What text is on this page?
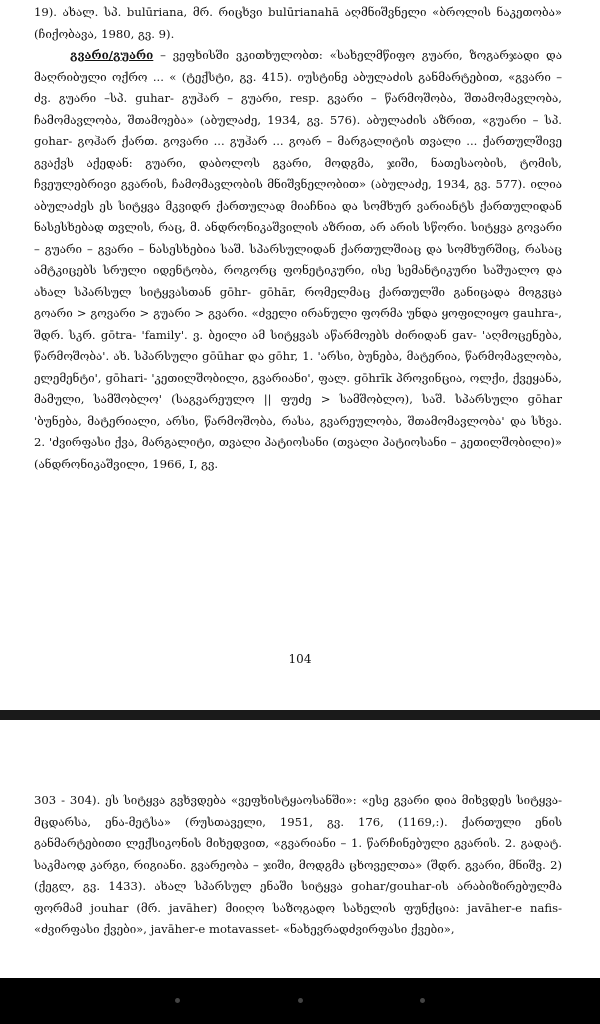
19). ახალ. სპ. bulūriana, მრ. რიცხვი bulūrianahā აღმნიშვნელი «ბროლის ნაკეთობა» (ჩიქობავა, 1980, გვ. 9).

გვარი/გუარი – ვეფხისში ვკითხულობთ: «სახელმწიფო გუარი, ზოგარჯადი და მაღრიბული ოქრო ... « (ტექსტი, გვ. 415). იუსტინე აბულაძის განმარტებით, «გვარი – ძვ. გუარი –სპ. guhar- გუჰარ – გუარი, resp. გვარი – წარმოშობა, შთამომავლობა, ჩამომავლობა, შთამოება» (აბულაძე, 1934, გვ. 576). აბულაძის აზრით, «გუარი – სპ. gohar- გოჰარ ქართ. გოვარი ... გუჰარ ... გოარ – მარგალიტის თვალი ... ქართულშივე გვაქვს აქედან: გუარი, დაბოლოს გვარი, მოდგმა, ჯიში, ნათესაობის, ტომის, ჩვეულებრივი გვარის, ჩამომავლობის მნიშვნელობით» (აბულაძე, 1934, გვ. 577). ილია აბულაძეს ეს სიტყვა მკვიდრ ქართულად მიაჩნია და სომხურ ვარიანტს ქართულიდან ნასესხებად თვლის, რაც, მ. ანდრონიკაშვილის აზრით, არ არის სწორი. სიტყვა გოვარი – გუარი – გვარი – ნასესხებია საშ. სპარსულიდან ქართულშიაც და სომხურშიც, რასაც ამტკიცებს სრული იდენტობა, როგორც ფონეტიკური, ისე სემანტიკური საშუალო და ახალ სპარსულ სიტყვასთან gōhr- gōhār, რომელმაც ქართულში განიცადა მოგვცა გოარი > გოვარი > გუარი > გვარი. «ძველი ირანული ფორმა უნდა ყოფილიყო gauhra-, შდრ. სკრ. gōtra- 'family'. ვ. ბეილი ამ სიტყვას აწარმოებს ძირიდან gav- 'აღმოცენება, წარმოშობა'. ახ. სპარსული gōūhar და gōhr, 1. 'არსი, ბუნება, მატერია, წარმომავლობა, ელემენტი', gōhari- 'კეთილშობილი, გვარიანი', ფალ. gōhrīk პროვინცია, ოლქი, ქვეყანა, მამული, სამშობლო' (საგვარეულო || ფუძე > სამშობლო), საშ. სპარსული gōhar 'ბუნება, მატერიალი, არსი, წარმოშობა, რასა, გვარეულობა, შთამომავლობა' და სხვა. 2. 'ძვირფასი ქვა, მარგალიტი, თვალი პატიოსანი (თვალი პატიოსანი – კეთილშობილი)» (ანდრონიკაშვილი, 1966, I, გვ.

104

303 - 304). ეს სიტყვა გვხვდება «ვეფხისტყაოსანში»: «ესე გვარი დია მიხვდეს სიტყვა-მცდარსა, ენა-მეტსა» (რუსთაველი, 1951, გვ. 176, (1169,:). ქართული ენის განმარტებითი ლექსიკონის მიხედვით, «გვარიანი – 1. წარჩინებული გვარის. 2. გადატ. საკმაოდ კარგი, რიგიანი. გვარეობა – ჯიში, მოდგმა ცხოველთა» (შდრ. გვარი, მნიშვ. 2) (ქეგლ, გვ. 1433). ახალ სპარსულ ენაში სიტყვა gohar/gouhar-ის არაბიზირებულმა ფორმამ jouhar (მრ. javāher) მიიღო საზოგადო სახელის ფუნქცია: javāher-e nafis- «ძვირფასი ქვები», javāher-e motavasset- «ნახევრადძვირფასი ქვები»,
